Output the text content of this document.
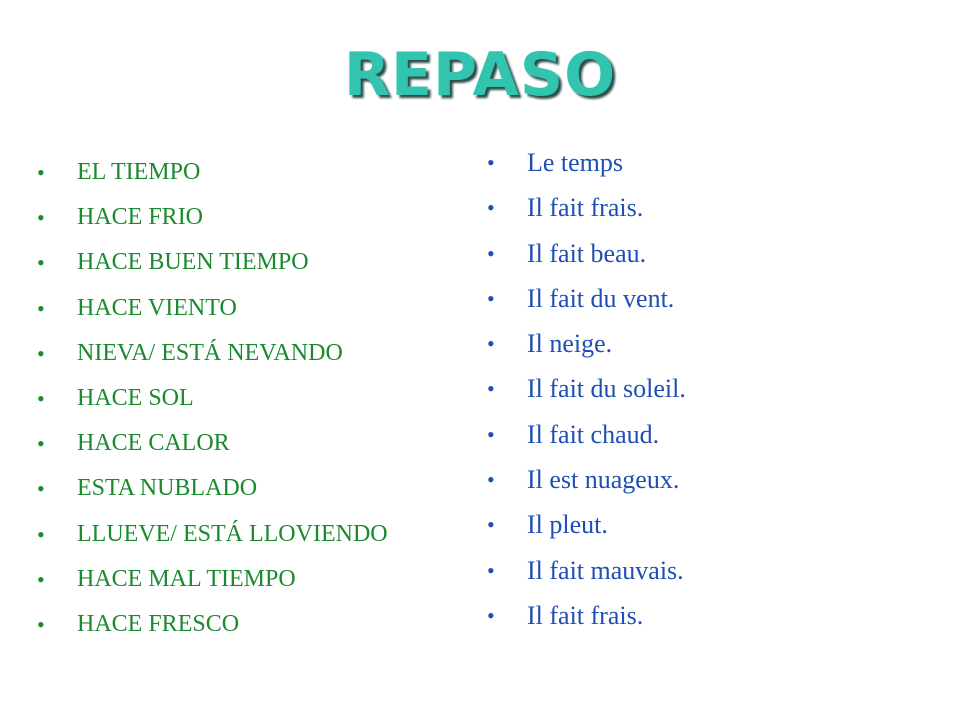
REPASO
• EL TIEMPO
• HACE FRIO
• HACE BUEN TIEMPO
• HACE VIENTO
• NIEVA/ ESTÁ NEVANDO
• HACE SOL
• HACE CALOR
• ESTA NUBLADO
• LLUEVE/ ESTÁ LLOVIENDO
• HACE MAL TIEMPO
• HACE FRESCO
• Le temps
• Il fait frais.
• Il fait beau.
• Il fait du vent.
• Il neige.
• Il fait du soleil.
• Il fait chaud.
• Il est nuageux.
• Il pleut.
• Il fait mauvais.
• Il fait frais.
